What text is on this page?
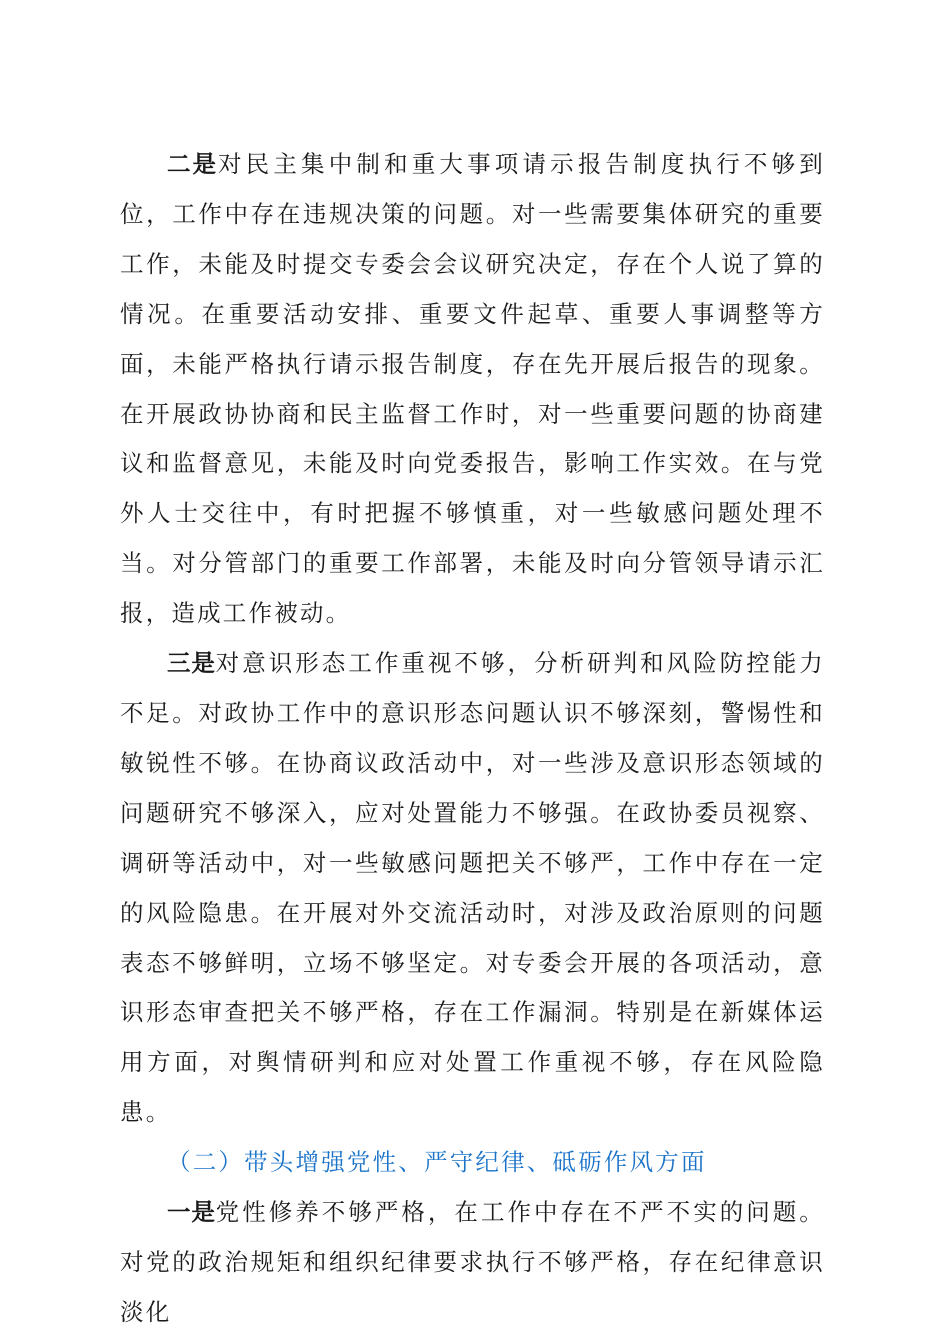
二是对民主集中制和重大事项请示报告制度执行不够到位，工作中存在违规决策的问题。对一些需要集体研究的重要工作，未能及时提交专委会会议研究决定，存在个人说了算的情况。在重要活动安排、重要文件起草、重要人事调整等方面，未能严格执行请示报告制度，存在先开展后报告的现象。在开展政协协商和民主监督工作时，对一些重要问题的协商建议和监督意见，未能及时向党委报告，影响工作实效。在与党外人士交往中，有时把握不够慎重，对一些敏感问题处理不当。对分管部门的重要工作部署，未能及时向分管领导请示汇报，造成工作被动。

三是对意识形态工作重视不够，分析研判和风险防控能力不足。对政协工作中的意识形态问题认识不够深刻，警惕性和敏锐性不够。在协商议政活动中，对一些涉及意识形态领域的问题研究不够深入，应对处置能力不够强。在政协委员视察、调研等活动中，对一些敏感问题把关不够严，工作中存在一定的风险隐患。在开展对外交流活动时，对涉及政治原则的问题表态不够鲜明，立场不够坚定。对专委会开展的各项活动，意识形态审查把关不够严格，存在工作漏洞。特别是在新媒体运用方面，对舆情研判和应对处置工作重视不够，存在风险隐患。

（二）带头增强党性、严守纪律、砥砺作风方面

一是党性修养不够严格，在工作中存在不严不实的问题。对党的政治规矩和组织纪律要求执行不够严格，存在纪律意识淡化
